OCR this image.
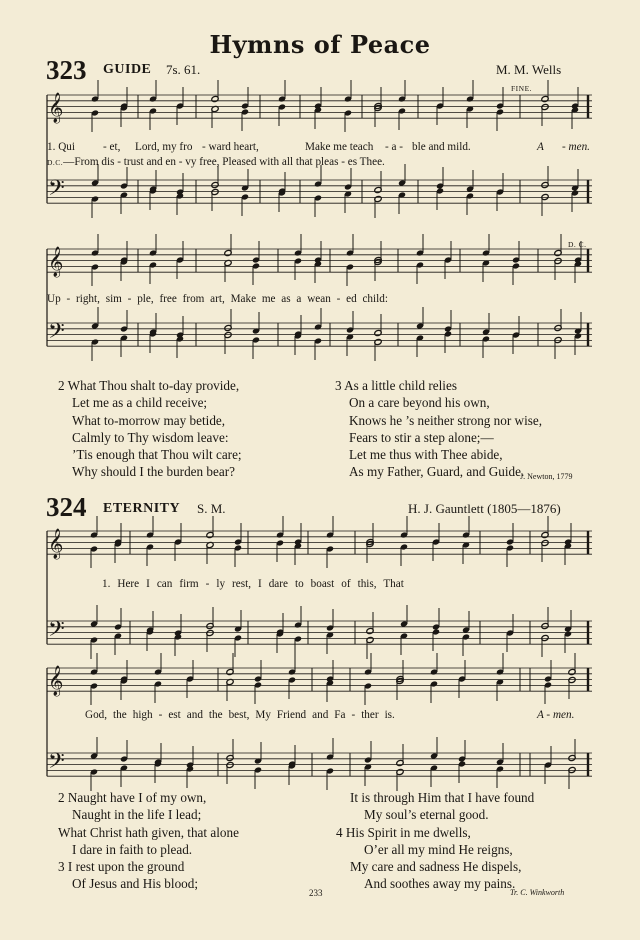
Hymns of Peace
323 GUIDE 7s. 61.	M. M. Wells
FINE.
𝄞
𝄢
𝄞
𝄢
𝄞
𝄢
𝄞
𝄢
1. Qui	- et, Lord, my fro - ward heart,	Make me teach - a - ble and mild.	A - men.
D.C.—From dis - trust and en - vy free, Pleased with all that pleas - es Thee.
D. C.
Up - right, sim - ple, free from art, Make me as a wean - ed child:
2 What Thou shalt to-day provide,
Let me as a child receive;
What to-morrow may betide,
Calmly to Thy wisdom leave:
’Tis enough that Thou wilt care;
Why should I the burden bear?
3 As a little child relies
On a care beyond his own,
Knows he ’s neither strong nor wise,
Fears to stir a step alone;—
Let me thus with Thee abide,
As my Father, Guard, and Guide.
J. Newton, 1779
324 ETERNITY S. M.	H. J. Gauntlett (1805—1876)
1. Here I can firm - ly rest, I dare to boast of this, That
God, the high - est and the best, My Friend and Fa - ther is.	A - men.
2 Naught have I of my own,
Naught in the life I lead;
What Christ hath given, that alone
I dare in faith to plead.
3 I rest upon the ground
Of Jesus and His blood;
It is through Him that I have found
My soul’s eternal good.
4 His Spirit in me dwells,
O’er all my mind He reigns,
My care and sadness He dispels,
And soothes away my pains.
233	Tr. C. Winkworth
